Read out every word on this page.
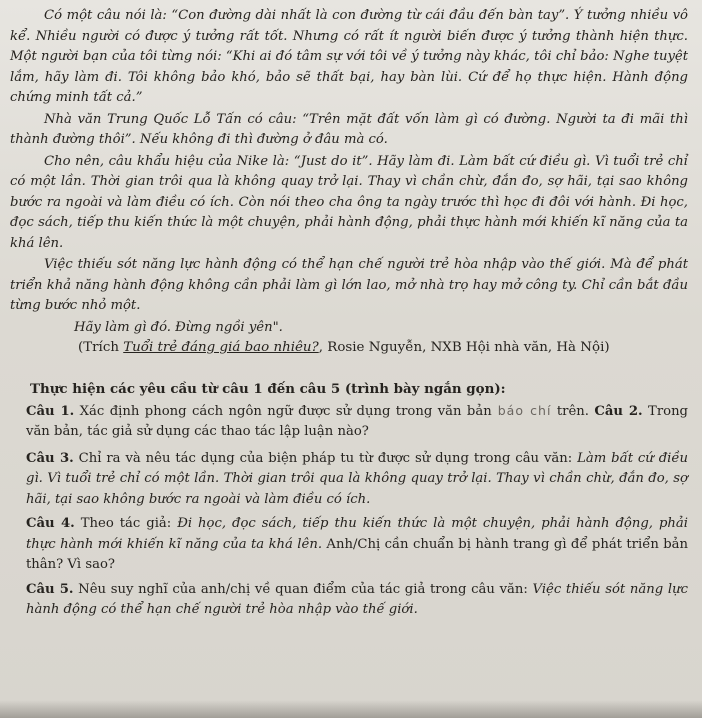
Có một câu nói là: “Con đường dài nhất là con đường từ cái đầu đến bàn tay”. Ý tưởng nhiều vô kể. Nhiều người có được ý tưởng rất tốt. Nhưng có rất ít người biến được ý tưởng thành hiện thực. Một người bạn của tôi từng nói: “Khi ai đó tâm sự với tôi về ý tưởng này khác, tôi chỉ bảo: Nghe tuyệt lắm, hãy làm đi. Tôi không bảo khó, bảo sẽ thất bại, hay bàn lùi. Cứ để họ thực hiện. Hành động chứng minh tất cả.”

Nhà văn Trung Quốc Lỗ Tấn có câu: “Trên mặt đất vốn làm gì có đường. Người ta đi mãi thì thành đường thôi”. Nếu không đi thì đường ở đâu mà có.

Cho nên, câu khẩu hiệu của Nike là: “Just do it”. Hãy làm đi. Làm bất cứ điều gì. Vì tuổi trẻ chỉ có một lần. Thời gian trôi qua là không quay trở lại. Thay vì chần chừ, đắn đo, sợ hãi, tại sao không bước ra ngoài và làm điều có ích. Còn nói theo cha ông ta ngày trước thì học đi đôi với hành. Đi học, đọc sách, tiếp thu kiến thức là một chuyện, phải hành động, phải thực hành mới khiến kĩ năng của ta khá lên.

Việc thiếu sót năng lực hành động có thể hạn chế người trẻ hòa nhập vào thế giới. Mà để phát triển khả năng hành động không cần phải làm gì lớn lao, mở nhà trọ hay mở công ty. Chỉ cần bắt đầu từng bước nhỏ một.

Hãy làm gì đó. Đừng ngồi yên".

(Trích Tuổi trẻ đáng giá bao nhiêu?, Rosie Nguyễn, NXB Hội nhà văn, Hà Nội)

Thực hiện các yêu cầu từ câu 1 đến câu 5 (trình bày ngắn gọn):

Câu 1. Xác định phong cách ngôn ngữ được sử dụng trong văn bản báo chí trên. Câu 2. Trong văn bản, tác giả sử dụng các thao tác lập luận nào?

Câu 3. Chỉ ra và nêu tác dụng của biện pháp tu từ được sử dụng trong câu văn: Làm bất cứ điều gì. Vì tuổi trẻ chỉ có một lần. Thời gian trôi qua là không quay trở lại. Thay vì chần chừ, đắn đo, sợ hãi, tại sao không bước ra ngoài và làm điều có ích.

Câu 4. Theo tác giả: Đi học, đọc sách, tiếp thu kiến thức là một chuyện, phải hành động, phải thực hành mới khiến kĩ năng của ta khá lên. Anh/Chị cần chuẩn bị hành trang gì để phát triển bản thân? Vì sao?

Câu 5. Nêu suy nghĩ của anh/chị về quan điểm của tác giả trong câu văn: Việc thiếu sót năng lực hành động có thể hạn chế người trẻ hòa nhập vào thế giới.
